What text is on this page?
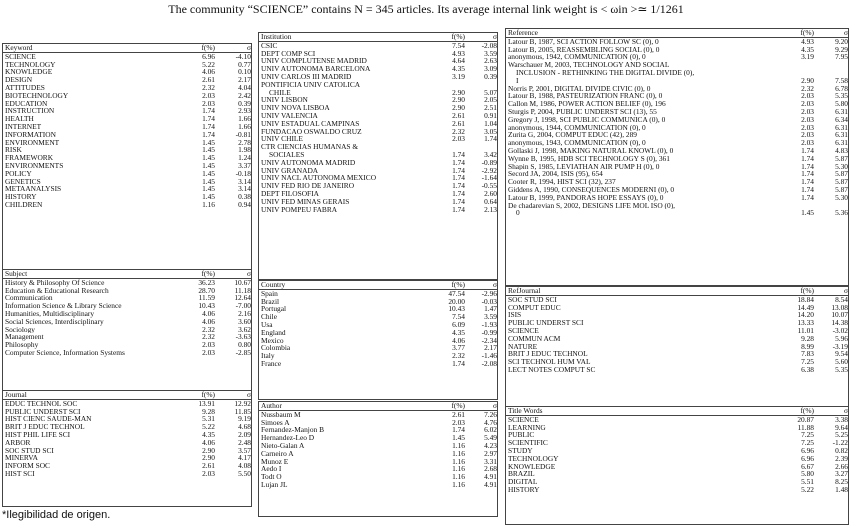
The community “SCIENCE” contains N = 345 articles. Its average internal link weight is < ωin >≃ 1/1261
Keyword	f(%)	σ
SCIENCE	6.96	-4.10
TECHNOLOGY	5.22	0.77
KNOWLEDGE	4.06	0.10
DESIGN	2.61	2.17
ATTITUDES	2.32	4.04
BIOTECHNOLOGY	2.03	2.42
EDUCATION	2.03	0.39
INSTRUCTION	1.74	2.93
HEALTH	1.74	1.66
INTERNET	1.74	1.66
INFORMATION	1.74	-0.81
ENVIRONMENT	1.45	2.78
RISK	1.45	1.98
FRAMEWORK	1.45	1.24
ENVIRONMENTS	1.45	3.37
POLICY	1.45	-0.18
GENETICS	1.45	3.14
METAANALYSIS	1.45	3.14
HISTORY	1.45	0.38
CHILDREN	1.16	0.94
Subject	f(%)	σ
History & Philosophy Of Science	36.23	10.67
Education & Educational Research	28.70	11.18
Communication	11.59	12.64
Information Science & Library Science	10.43	-7.00
Humanities, Multidisciplinary	4.06	2.16
Social Sciences, Interdisciplinary	4.06	3.60
Sociology	2.32	3.62
Management	2.32	-3.63
Philosophy	2.03	0.80
Computer Science, Information Systems	2.03	-2.85
Journal	f(%)	σ
EDUC TECHNOL SOC	13.91	12.92
PUBLIC UNDERST SCI	9.28	11.85
HIST CIENC SAUDE-MAN	5.31	9.19
BRIT J EDUC TECHNOL	5.22	4.68
HIST PHIL LIFE SCI	4.35	2.09
ARBOR	4.06	2.48
SOC STUD SCI	2.90	3.57
MINERVA	2.90	4.17
INFORM SOC	2.61	4.08
HIST SCI	2.03	5.50
Institution	f(%)	σ
CSIC	7.54	-2.08
DEPT COMP SCI	4.93	3.59
UNIV COMPLUTENSE MADRID	4.64	2.63
UNIV AUTONOMA BARCELONA	4.35	3.09
UNIV CARLOS III MADRID	3.19	0.39
PONTIFICIA UNIV CATOLICA		
CHILE	2.90	5.07
UNIV LISBON	2.90	2.05
UNIV NOVA LISBOA	2.90	2.51
UNIV VALENCIA	2.61	0.91
UNIV ESTADUAL CAMPINAS	2.61	1.04
FUNDACAO OSWALDO CRUZ	2.32	3.05
UNIV CHILE	2.03	1.74
CTR CIENCIAS HUMANAS &		
SOCIALES	1.74	3.42
UNIV AUTONOMA MADRID	1.74	-0.89
UNIV GRANADA	1.74	-2.92
UNIV NACL AUTONOMA MEXICO	1.74	-1.64
UNIV FED RIO DE JANEIRO	1.74	-0.55
DEPT FILOSOFIA	1.74	2.60
UNIV FED MINAS GERAIS	1.74	0.64
UNIV POMPEU FABRA	1.74	2.13
Country	f(%)	σ
Spain	47.54	-2.96
Brazil	20.00	-0.03
Portugal	10.43	1.47
Chile	7.54	3.59
Usa	6.09	-1.93
England	4.35	-0.99
Mexico	4.06	-2.34
Colombia	3.77	2.17
Italy	2.32	-1.46
France	1.74	-2.08
Author	f(%)	σ
Nussbaum M	2.61	7.26
Simoes A	2.03	4.76
Fernandez-Manjon B	1.74	6.02
Hernandez-Leo D	1.45	5.49
Nieto-Galan A	1.16	4.23
Carneiro A	1.16	2.97
Munoz E	1.16	3.31
Aedo I	1.16	2.68
Todt O	1.16	4.91
Lujan JL	1.16	4.91
Reference	f(%)	σ
Latour B, 1987, SCI ACTION FOLLOW SC (0), 0	4.93	9.20
Latour B, 2005, REASSEMBLING SOCIAL (0), 0	4.35	9.29
anonymous, 1942, COMMUNICATION (0), 0	3.19	7.95
Warschauer M, 2003, TECHNOLOGY AND SOCIAL		
INCLUSION - RETHINKING THE DIGITAL DIVIDE (0),		
I	2.90	7.58
Norris P, 2001, DIGITAL DIVIDE CIVIC (0), 0	2.32	6.78
Latour B, 1988, PASTEURIZATION FRANC (0), 0	2.03	5.35
Callon M, 1986, POWER ACTION BELIEF (0), 196	2.03	5.80
Sturgis P, 2004, PUBLIC UNDERST SCI (13), 55	2.03	6.31
Gregory J, 1998, SCI PUBLIC COMMUNICA (0), 0	2.03	6.34
anonymous, 1944, COMMUNICATION (0), 0	2.03	6.31
Zurita G, 2004, COMPUT EDUC (42), 289	2.03	6.31
anonymous, 1943, COMMUNICATION (0), 0	2.03	6.31
Gollaski J, 1998, MAKING NATURAL KNOWL (0), 0	1.74	4.83
Wynne B, 1995, HDB SCI TECHNOLOGY S (0), 361	1.74	5.87
Shapin S, 1985, LEVIATHAN AIR PUMP H (0), 0	1.74	5.30
Secord JA, 2004, ISIS (95), 654	1.74	5.87
Cooter R, 1994, HIST SCI (32), 237	1.74	5.87
Giddens A, 1990, CONSEQUENCES MODERNI (0), 0	1.74	5.87
Latour B, 1999, PANDORAS HOPE ESSAYS (0), 0	1.74	5.30
De chadarevian S, 2002, DESIGNS LIFE MOL ISO (0),		
0	1.45	5.36
RefJournal	f(%)	σ
SOC STUD SCI	18.84	8.54
COMPUT EDUC	14.49	13.08
ISIS	14.20	10.07
PUBLIC UNDERST SCI	13.33	14.38
SCIENCE	11.01	-3.02
COMMUN ACM	9.28	5.96
NATURE	8.99	-3.19
BRIT J EDUC TECHNOL	7.83	9.54
SCI TECHNOL HUM VAL	7.25	5.60
LECT NOTES COMPUT SC	6.38	5.35
Title Words	f(%)	σ
SCIENCE	20.87	3.38
LEARNING	11.88	9.64
PUBLIC	7.25	5.25
SCIENTIFIC	7.25	-1.22
STUDY	6.96	0.82
TECHNOLOGY	6.96	2.39
KNOWLEDGE	6.67	2.66
BRAZIL	5.80	3.27
DIGITAL	5.51	8.25
HISTORY	5.22	1.48
*Ilegibilidad de origen.
